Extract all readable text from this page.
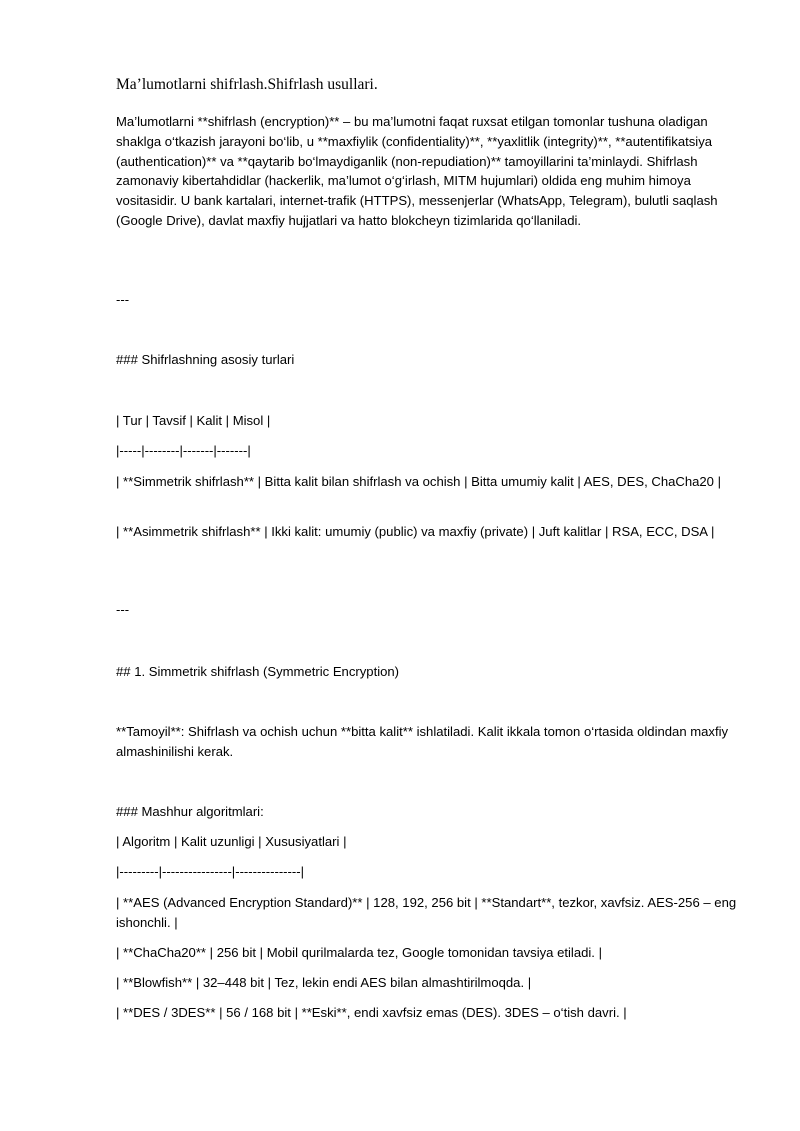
Ma’lumotlarni shifrlash.Shifrlash usullari.
Ma’lumotlarni **shifrlash (encryption)** – bu ma’lumotni faqat ruxsat etilgan tomonlar tushuna oladigan shaklga o‘tkazish jarayoni bo‘lib, u **maxfiylik (confidentiality)**, **yaxlitlik (integrity)**, **autentifikatsiya (authentication)** va **qaytarib bo‘lmaydiganlik (non-repudiation)** tamoyillarini ta’minlaydi. Shifrlash zamonaviy kibertahdidlar (hackerlik, ma’lumot o‘g‘irlash, MITM hujumlari) oldida eng muhim himoya vositasidir. U bank kartalari, internet-trafik (HTTPS), messenjerlar (WhatsApp, Telegram), bulutli saqlash (Google Drive), davlat maxfiy hujjatlari va hatto blokcheyn tizimlarida qo‘llaniladi.
---
### Shifrlashning asosiy turlari
| Tur | Tavsif | Kalit | Misol |
|-----|--------|-------|-------|
| **Simmetrik shifrlash** | Bitta kalit bilan shifrlash va ochish | Bitta umumiy kalit | AES, DES, ChaCha20 |
| **Asimmetrik shifrlash** | Ikki kalit: umumiy (public) va maxfiy (private) | Juft kalitlar | RSA, ECC, DSA |
---
## 1. Simmetrik shifrlash (Symmetric Encryption)
**Tamoyil**: Shifrlash va ochish uchun **bitta kalit** ishlatiladi. Kalit ikkala tomon o‘rtasida oldindan maxfiy almashinilishi kerak.
### Mashhur algoritmlari:
| Algoritm | Kalit uzunligi | Xususiyatlari |
|---------|----------------|---------------|
| **AES (Advanced Encryption Standard)** | 128, 192, 256 bit | **Standart**, tezkor, xavfsiz. AES-256 – eng ishonchli. |
| **ChaCha20** | 256 bit | Mobil qurilmalarda tez, Google tomonidan tavsiya etiladi. |
| **Blowfish** | 32–448 bit | Tez, lekin endi AES bilan almashtirilmoqda. |
| **DES / 3DES** | 56 / 168 bit | **Eski**, endi xavfsiz emas (DES). 3DES – o‘tish davri. |
